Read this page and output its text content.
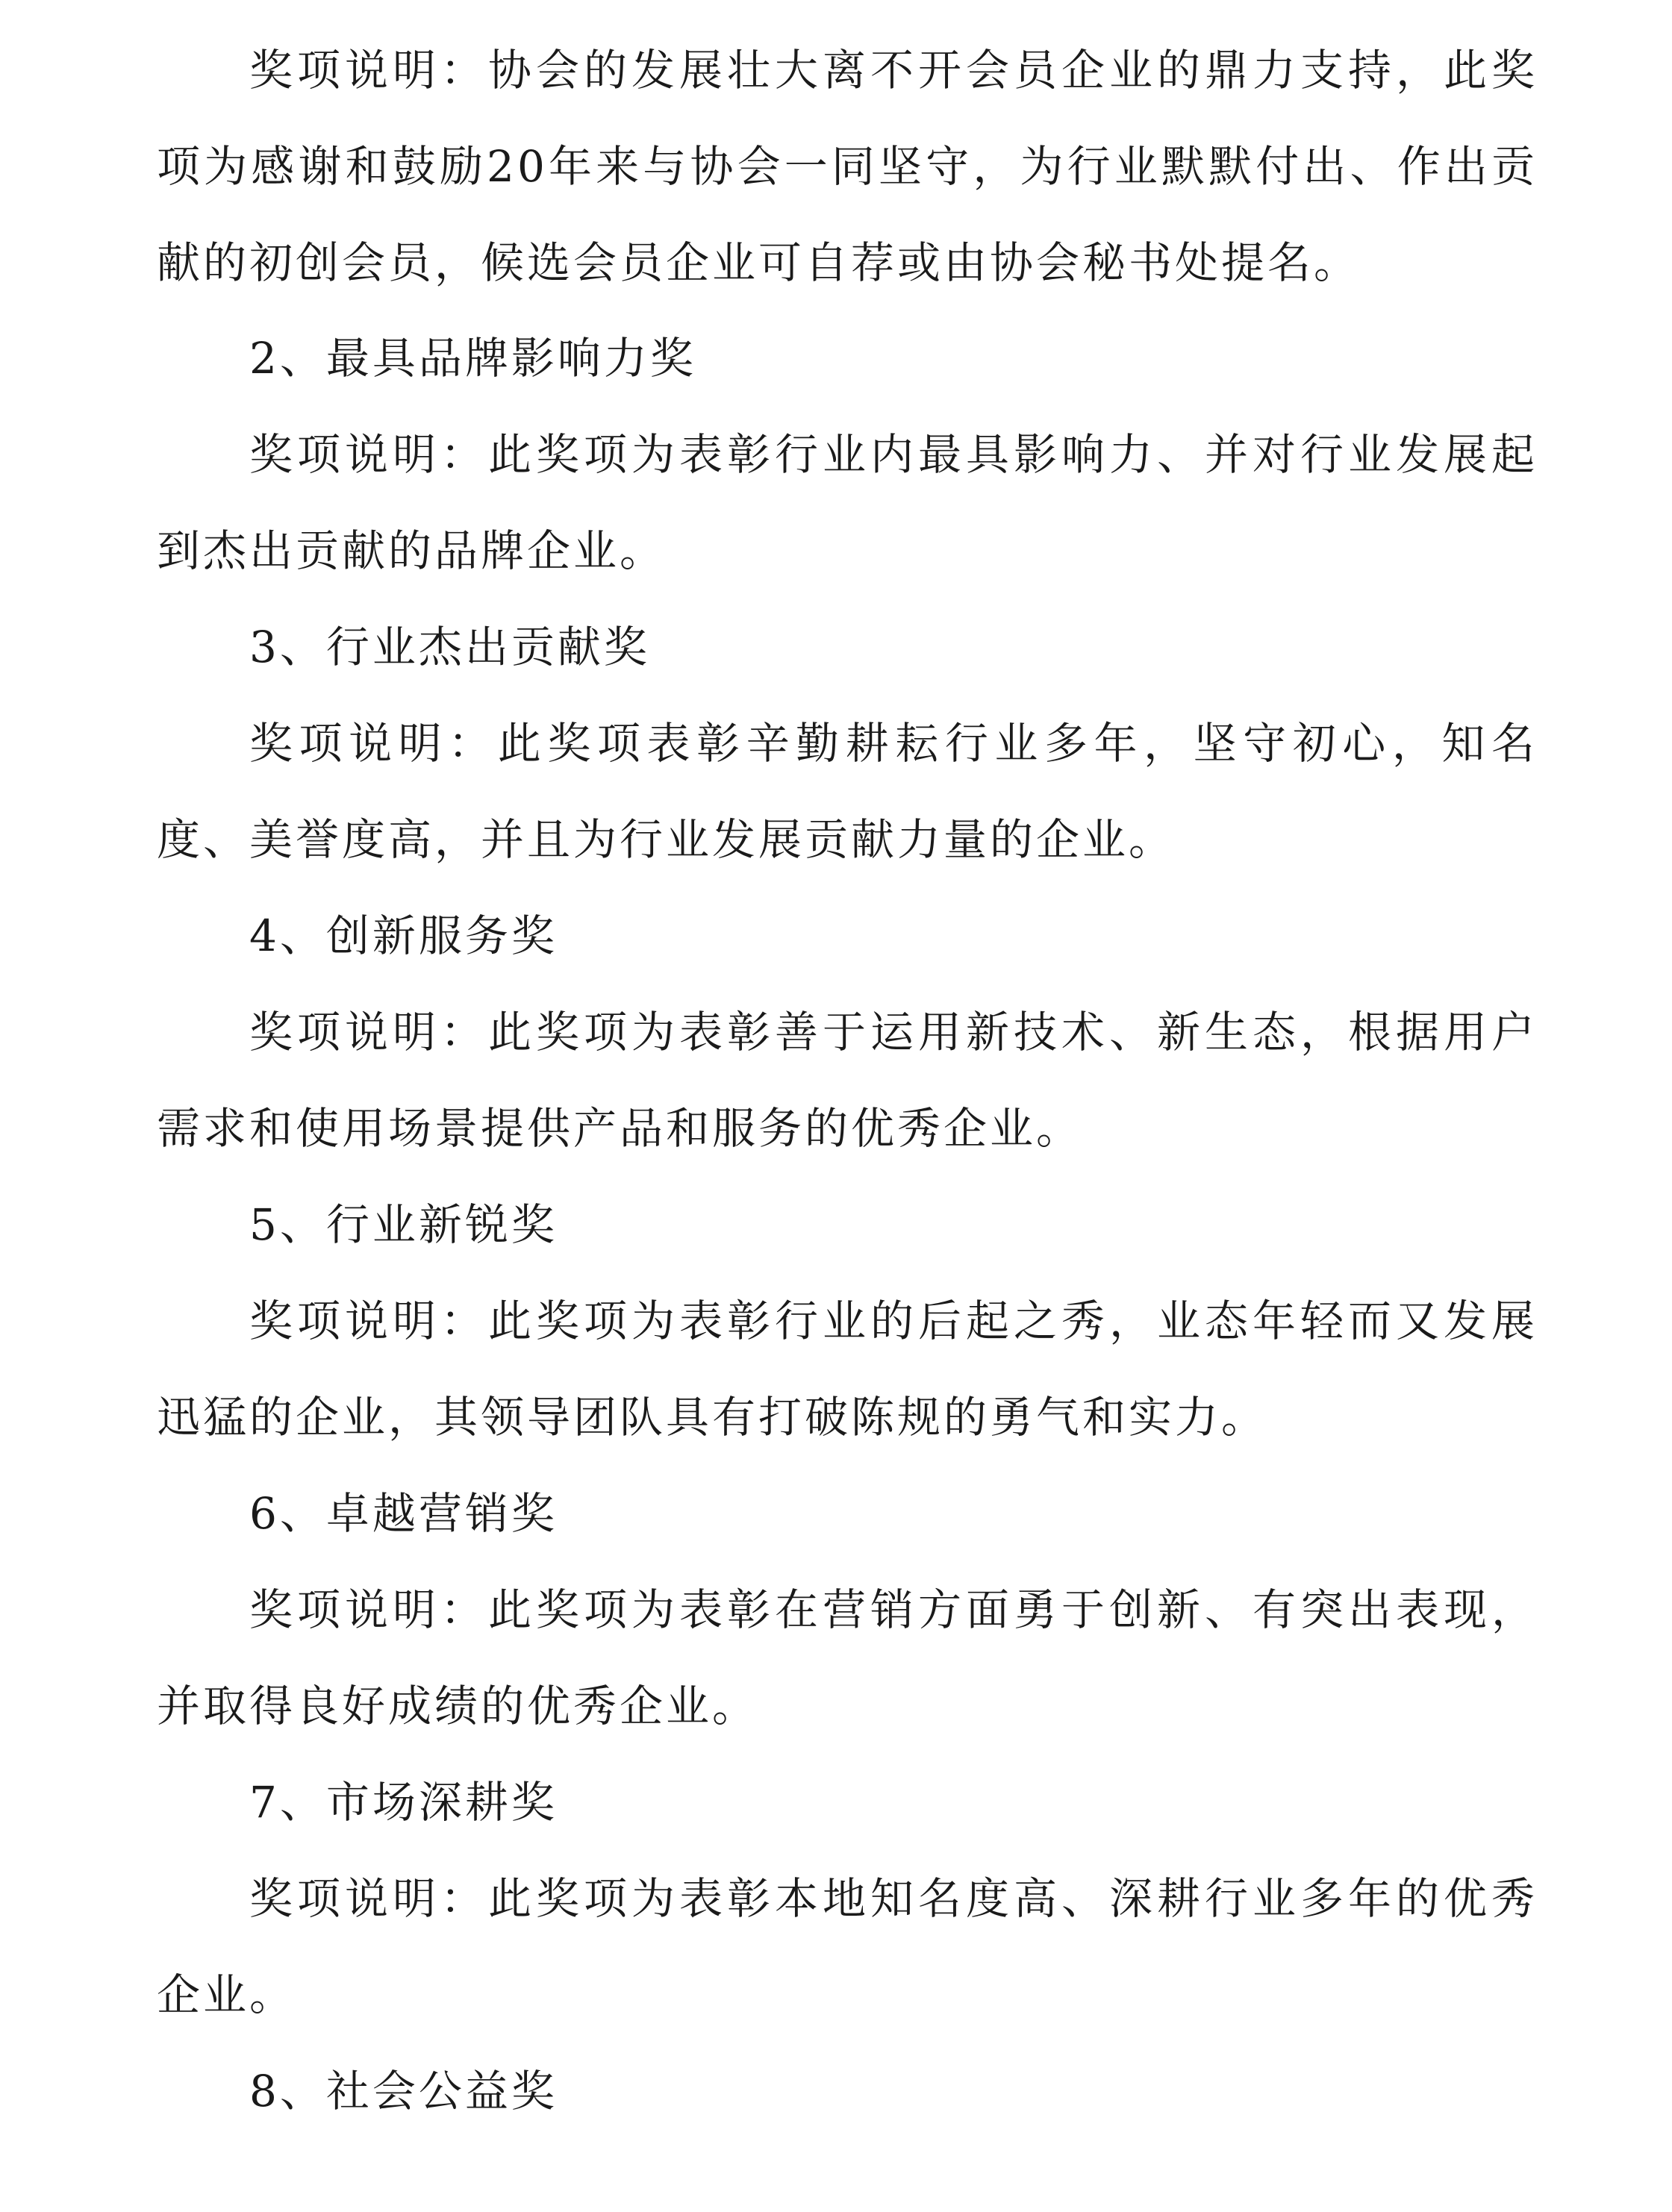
奖项说明：协会的发展壮大离不开会员企业的鼎力支持，此奖项为感谢和鼓励20年来与协会一同坚守，为行业默默付出、作出贡献的初创会员，候选会员企业可自荐或由协会秘书处提名。

2、最具品牌影响力奖

奖项说明：此奖项为表彰行业内最具影响力、并对行业发展起到杰出贡献的品牌企业。

3、行业杰出贡献奖

奖项说明：此奖项表彰辛勤耕耘行业多年，坚守初心，知名度、美誉度高，并且为行业发展贡献力量的企业。

4、创新服务奖

奖项说明：此奖项为表彰善于运用新技术、新生态，根据用户需求和使用场景提供产品和服务的优秀企业。

5、行业新锐奖

奖项说明：此奖项为表彰行业的后起之秀，业态年轻而又发展迅猛的企业，其领导团队具有打破陈规的勇气和实力。

6、卓越营销奖

奖项说明：此奖项为表彰在营销方面勇于创新、有突出表现，并取得良好成绩的优秀企业。

7、市场深耕奖

奖项说明：此奖项为表彰本地知名度高、深耕行业多年的优秀企业。

8、社会公益奖
